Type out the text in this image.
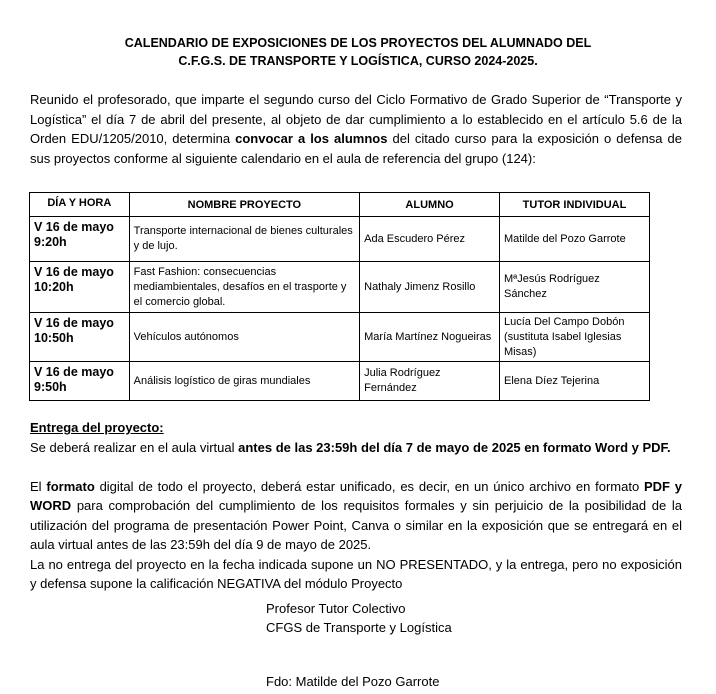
CALENDARIO DE EXPOSICIONES DE LOS PROYECTOS DEL ALUMNADO DEL
C.F.G.S. DE TRANSPORTE Y LOGÍSTICA, CURSO 2024-2025.

Reunido el profesorado, que imparte el segundo curso del Ciclo Formativo de Grado Superior de “Transporte y Logística” el día 7 de abril del presente, al objeto de dar cumplimiento a lo establecido en el artículo 5.6 de la Orden EDU/1205/2010, determina convocar a los alumnos del citado curso para la exposición o defensa de sus proyectos conforme al siguiente calendario en el aula de referencia del grupo (124):

DÍA Y HORA	NOMBRE PROYECTO	ALUMNO	TUTOR INDIVIDUAL

V 16 de mayo
9:20h	Transporte internacional de bienes culturales y de lujo.	Ada Escudero Pérez	Matilde del Pozo Garrote

V 16 de mayo
10:20h	Fast Fashion: consecuencias mediambientales, desafíos en el trasporte y el comercio global.	Nathaly Jimenz Rosillo	MªJesús Rodríguez Sánchez

V 16 de mayo
10:50h	Vehículos autónomos	María Martínez Nogueiras	Lucía Del Campo Dobón (sustituta Isabel Iglesias Misas)

V 16 de mayo
9:50h	Análisis logístico de giras mundiales	Julia Rodríguez Fernández	Elena Díez Tejerina

Entrega del proyecto:

Se deberá realizar en el aula virtual antes de las 23:59h del día 7 de mayo de 2025 en formato Word y PDF.

El formato digital de todo el proyecto, deberá estar unificado, es decir, en un único archivo en formato PDF y WORD para comprobación del cumplimiento de los requisitos formales y sin perjuicio de la posibilidad de la utilización del programa de presentación Power Point, Canva o similar en la exposición que se entregará en el aula virtual antes de las 23:59h del día 9 de mayo de 2025.

La no entrega del proyecto en la fecha indicada supone un NO PRESENTADO, y la entrega, pero no exposición y defensa supone la calificación NEGATIVA del módulo Proyecto

Profesor Tutor Colectivo
CFGS de Transporte y Logística
Fdo: Matilde del Pozo Garrote
